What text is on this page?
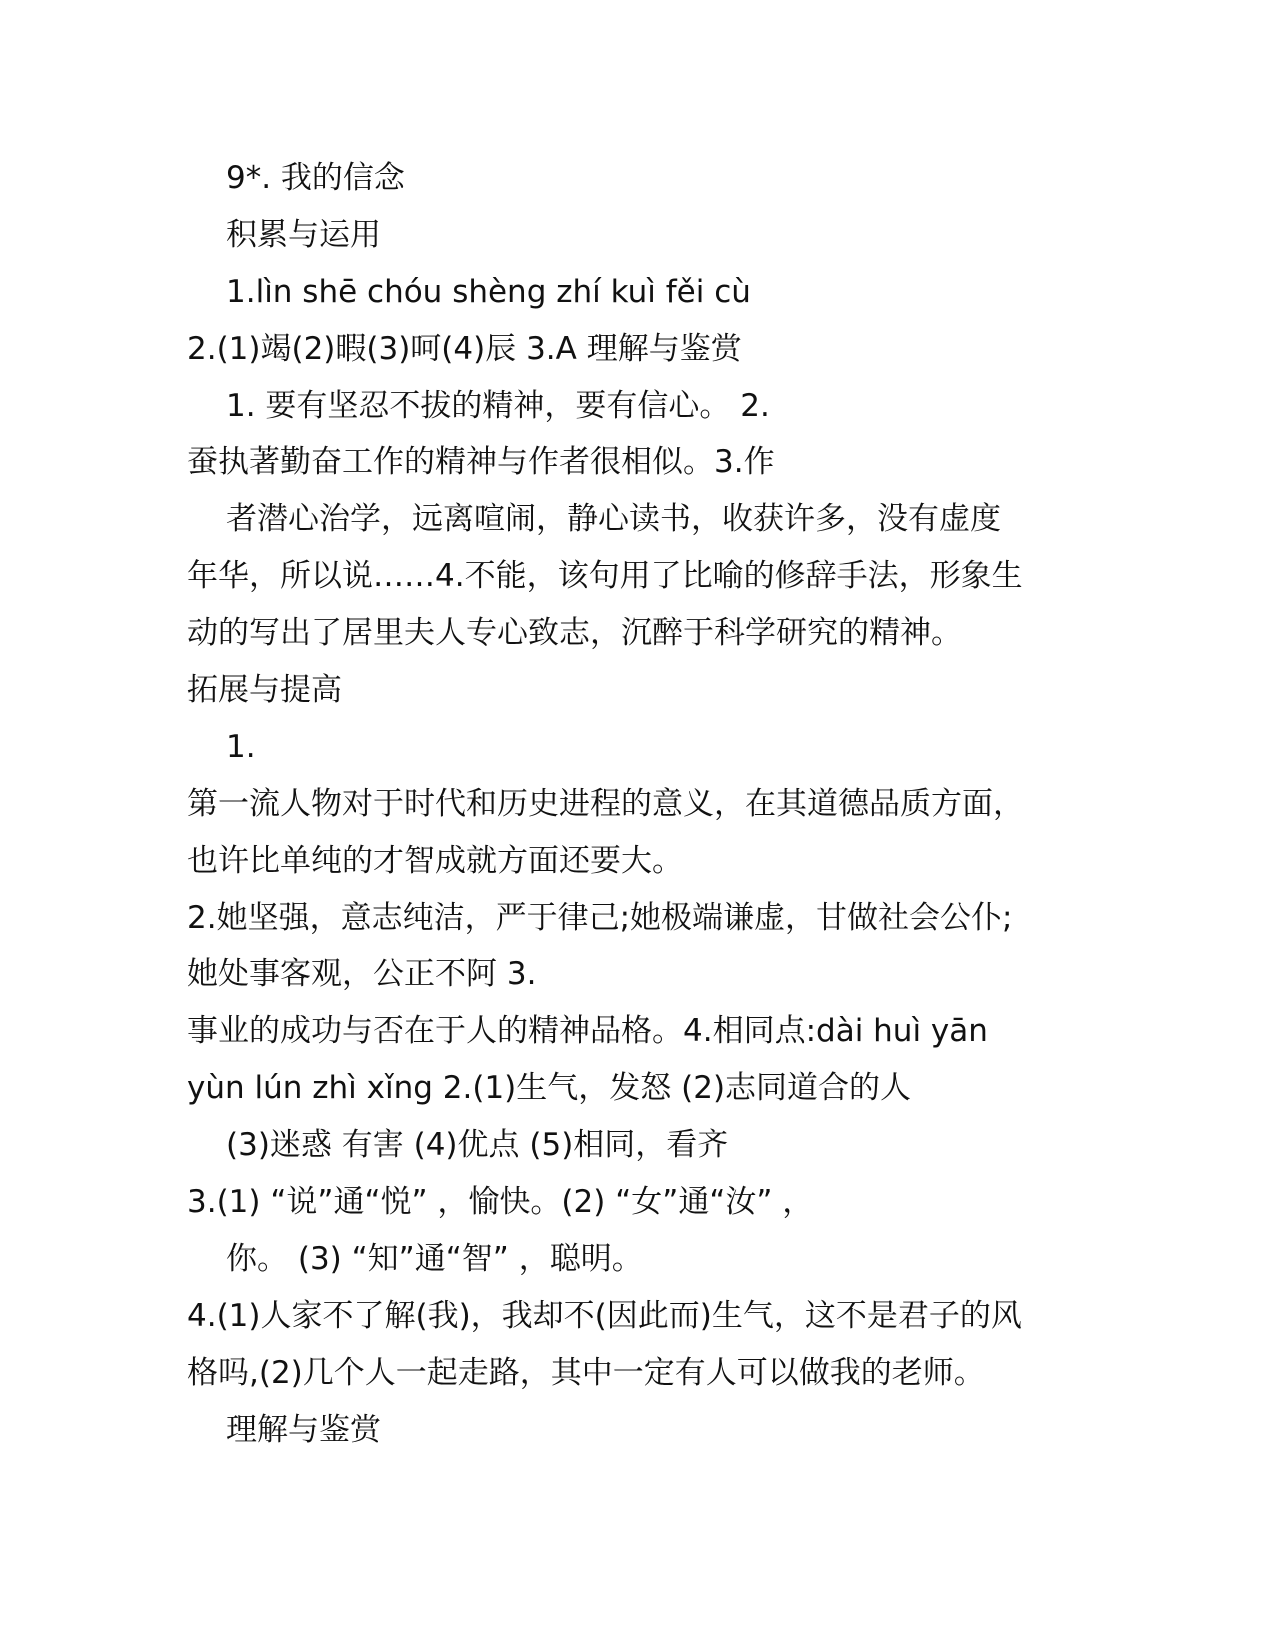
9*. 我的信念

积累与运用

1.lìn shē chóu shèng zhí kuì fěi cù

2.(1)竭(2)暇(3)呵(4)辰 3.A 理解与鉴赏

1. 要有坚忍不拔的精神，要有信心。 2.

蚕执著勤奋工作的精神与作者很相似。3.作

者潜心治学，远离喧闹，静心读书，收获许多，没有虚度

年华，所以说……4.不能，该句用了比喻的修辞手法，形象生

动的写出了居里夫人专心致志，沉醉于科学研究的精神。

拓展与提高

1.

第一流人物对于时代和历史进程的意义，在其道德品质方面，

也许比单纯的才智成就方面还要大。

2.她坚强，意志纯洁，严于律己;她极端谦虚，甘做社会公仆;

她处事客观，公正不阿 3.

事业的成功与否在于人的精神品格。4.相同点:dài huì yān

yùn lún zhì xǐng 2.(1)生气，发怒 (2)志同道合的人

(3)迷惑 有害 (4)优点 (5)相同，看齐

3.(1) “说”通“悦” ，愉快。(2) “女”通“汝” ，

你。 (3) “知”通“智” ，聪明。

4.(1)人家不了解(我)，我却不(因此而)生气，这不是君子的风

格吗,(2)几个人一起走路，其中一定有人可以做我的老师。

理解与鉴赏
